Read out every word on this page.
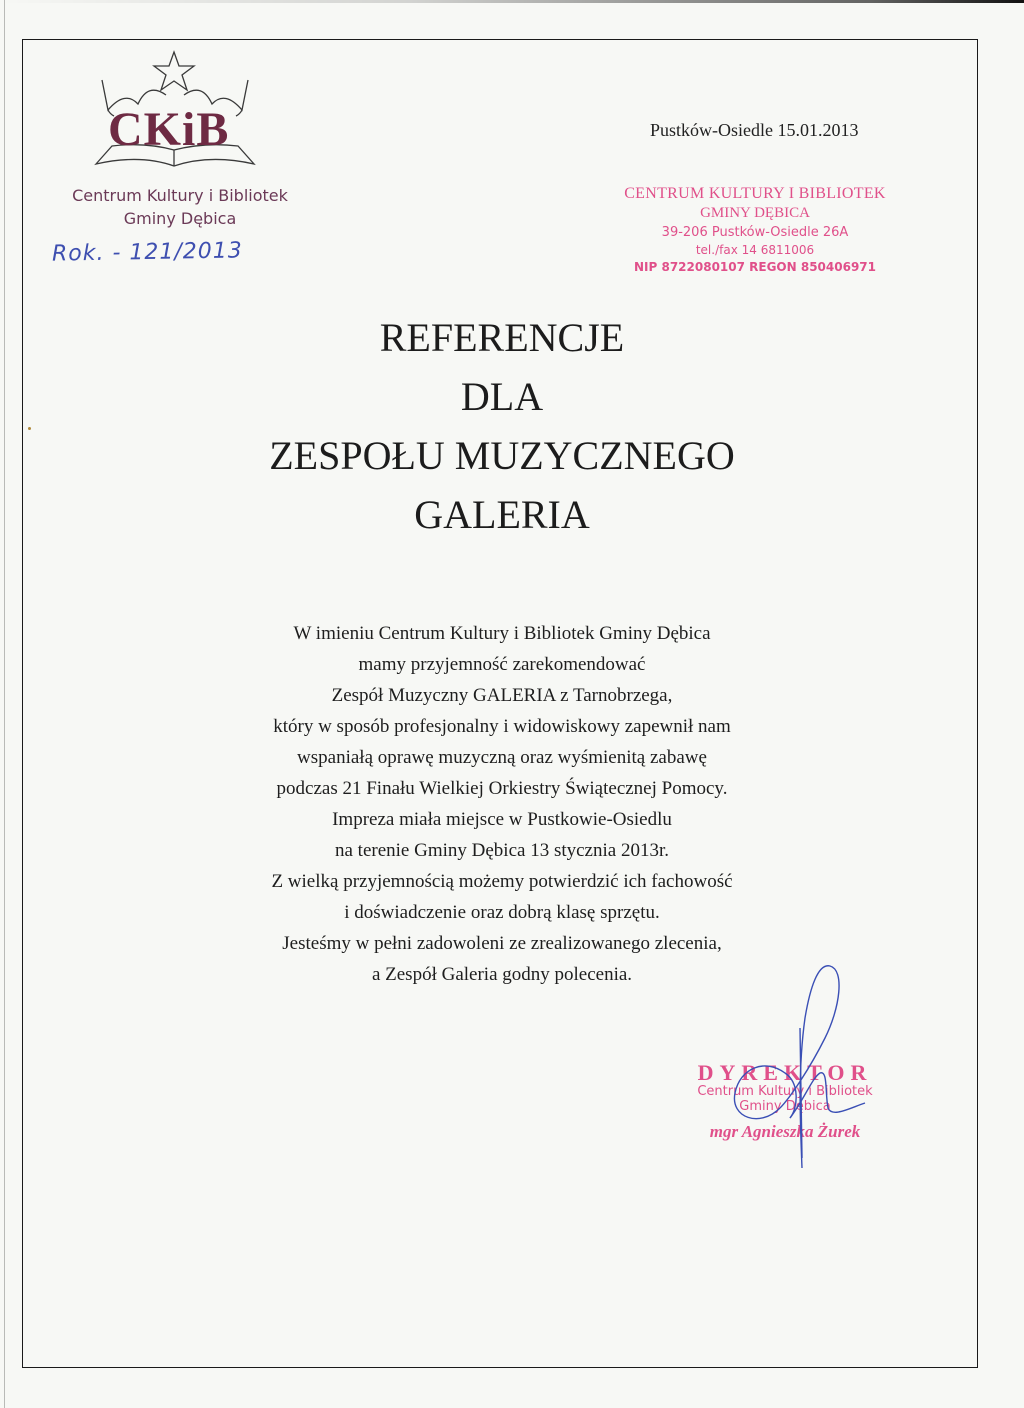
CKiB
Centrum Kultury i Bibliotek
Gminy Dębica
Rok. - 121/2013
Pustków-Osiedle 15.01.2013
CENTRUM KULTURY I BIBLIOTEK
GMINY DĘBICA
39-206 Pustków-Osiedle 26A
tel./fax 14 6811006
NIP 8722080107 REGON 850406971
REFERENCJE
DLA
ZESPOŁU MUZYCZNEGO
GALERIA
W imieniu Centrum Kultury i Bibliotek Gminy Dębica
mamy przyjemność zarekomendować
Zespół Muzyczny GALERIA z Tarnobrzega,
który w sposób profesjonalny i widowiskowy zapewnił nam
wspaniałą oprawę muzyczną oraz wyśmienitą zabawę
podczas 21 Finału Wielkiej Orkiestry Świątecznej Pomocy.
Impreza miała miejsce w Pustkowie-Osiedlu
na terenie Gminy Dębica 13 stycznia 2013r.
Z wielką przyjemnością możemy potwierdzić ich fachowość
i doświadczenie oraz dobrą klasę sprzętu.
Jesteśmy w pełni zadowoleni ze zrealizowanego zlecenia,
a Zespół Galeria godny polecenia.
DYREKTOR
Centrum Kultury i Bibliotek
Gminy Dębica
mgr Agnieszka Żurek
